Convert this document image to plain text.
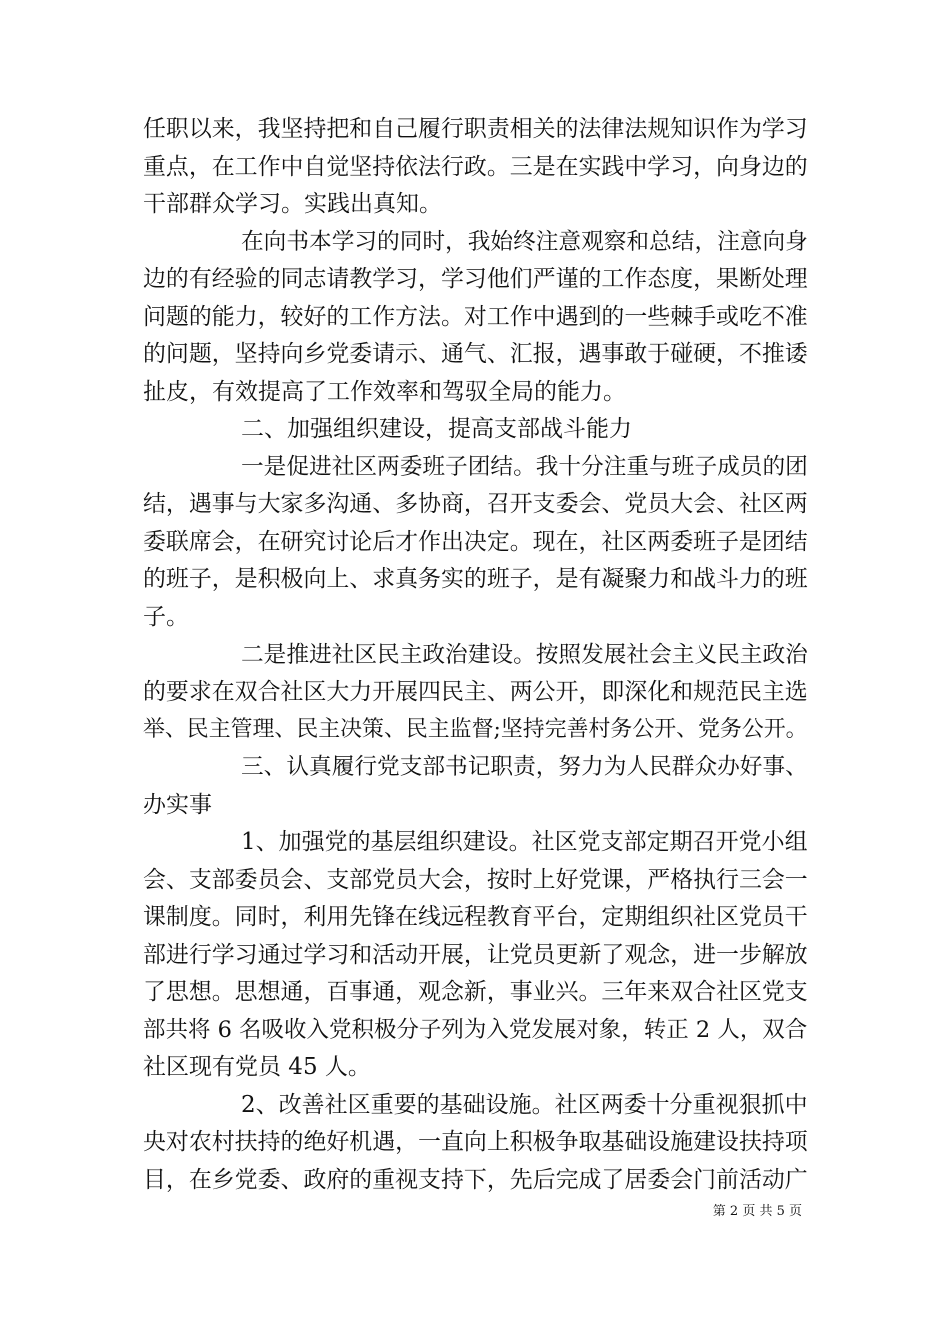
任职以来，我坚持把和自己履行职责相关的法律法规知识作为学习
重点，在工作中自觉坚持依法行政。三是在实践中学习，向身边的
干部群众学习。实践出真知。
在向书本学习的同时，我始终注意观察和总结，注意向身
边的有经验的同志请教学习，学习他们严谨的工作态度，果断处理
问题的能力，较好的工作方法。对工作中遇到的一些棘手或吃不准
的问题，坚持向乡党委请示、通气、汇报，遇事敢于碰硬，不推诿
扯皮，有效提高了工作效率和驾驭全局的能力。
二、加强组织建设，提高支部战斗能力
一是促进社区两委班子团结。我十分注重与班子成员的团
结，遇事与大家多沟通、多协商，召开支委会、党员大会、社区两
委联席会，在研究讨论后才作出决定。现在，社区两委班子是团结
的班子，是积极向上、求真务实的班子，是有凝聚力和战斗力的班
子。
二是推进社区民主政治建设。按照发展社会主义民主政治
的要求在双合社区大力开展四民主、两公开，即深化和规范民主选
举、民主管理、民主决策、民主监督;坚持完善村务公开、党务公开。
三、认真履行党支部书记职责，努力为人民群众办好事、
办实事
1、加强党的基层组织建设。社区党支部定期召开党小组
会、支部委员会、支部党员大会，按时上好党课，严格执行三会一
课制度。同时，利用先锋在线远程教育平台，定期组织社区党员干
部进行学习通过学习和活动开展，让党员更新了观念，进一步解放
了思想。思想通，百事通，观念新，事业兴。三年来双合社区党支
部共将 6 名吸收入党积极分子列为入党发展对象，转正 2 人，双合
社区现有党员 45 人。
2、改善社区重要的基础设施。社区两委十分重视狠抓中
央对农村扶持的绝好机遇，一直向上积极争取基础设施建设扶持项
目，在乡党委、政府的重视支持下，先后完成了居委会门前活动广
第 2 页 共 5 页
